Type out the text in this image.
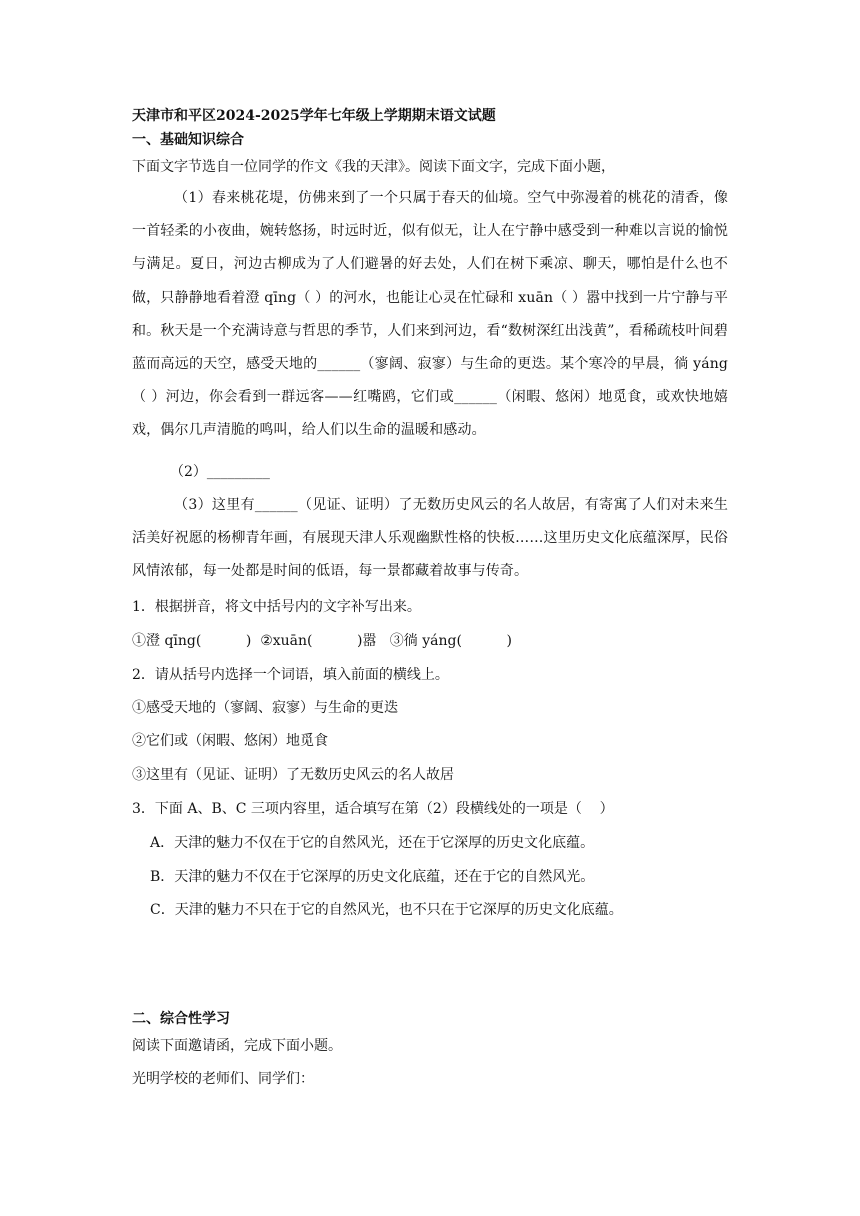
天津市和平区2024-2025学年七年级上学期期末语文试题
一、基础知识综合
下面文字节选自一位同学的作文《我的天津》。阅读下面文字，完成下面小题，
（1）春来桃花堤，仿佛来到了一个只属于春天的仙境。空气中弥漫着的桃花的清香，像一首轻柔的小夜曲，婉转悠扬，时远时近，似有似无，让人在宁静中感受到一种难以言说的愉悦与满足。夏日，河边古柳成为了人们避暑的好去处，人们在树下乘凉、聊天，哪怕是什么也不做，只静静地看着澄 qīng（ ）的河水，也能让心灵在忙碌和 xuān（ ）嚣中找到一片宁静与平和。秋天是一个充满诗意与哲思的季节，人们来到河边，看“数树深红出浅黄”，看稀疏枝叶间碧蓝而高远的天空，感受天地的______（寥阔、寂寥）与生命的更迭。某个寒冷的早晨，徜 yáng（ ）河边，你会看到一群远客——红嘴鸥，它们或______（闲暇、悠闲）地觅食，或欢快地嬉戏，偶尔几声清脆的鸣叫，给人们以生命的温暖和感动。
（2）_________
（3）这里有______（见证、证明）了无数历史风云的名人故居，有寄寓了人们对未来生活美好祝愿的杨柳青年画，有展现天津人乐观幽默性格的快板……这里历史文化底蕴深厚，民俗风情浓郁，每一处都是时间的低语，每一景都藏着故事与传奇。
1．根据拼音，将文中括号内的文字补写出来。
①澄 qīng(          )  ②xuān(          )嚣   ③徜 yáng(          )
2．请从括号内选择一个词语，填入前面的横线上。
①感受天地的（寥阔、寂寥）与生命的更迭
②它们或（闲暇、悠闲）地觅食
③这里有（见证、证明）了无数历史风云的名人故居
3．下面 A、B、C 三项内容里，适合填写在第（2）段横线处的一项是（    ）
A．天津的魅力不仅在于它的自然风光，还在于它深厚的历史文化底蕴。
B．天津的魅力不仅在于它深厚的历史文化底蕴，还在于它的自然风光。
C．天津的魅力不只在于它的自然风光，也不只在于它深厚的历史文化底蕴。
二、综合性学习
阅读下面邀请函，完成下面小题。
光明学校的老师们、同学们：
